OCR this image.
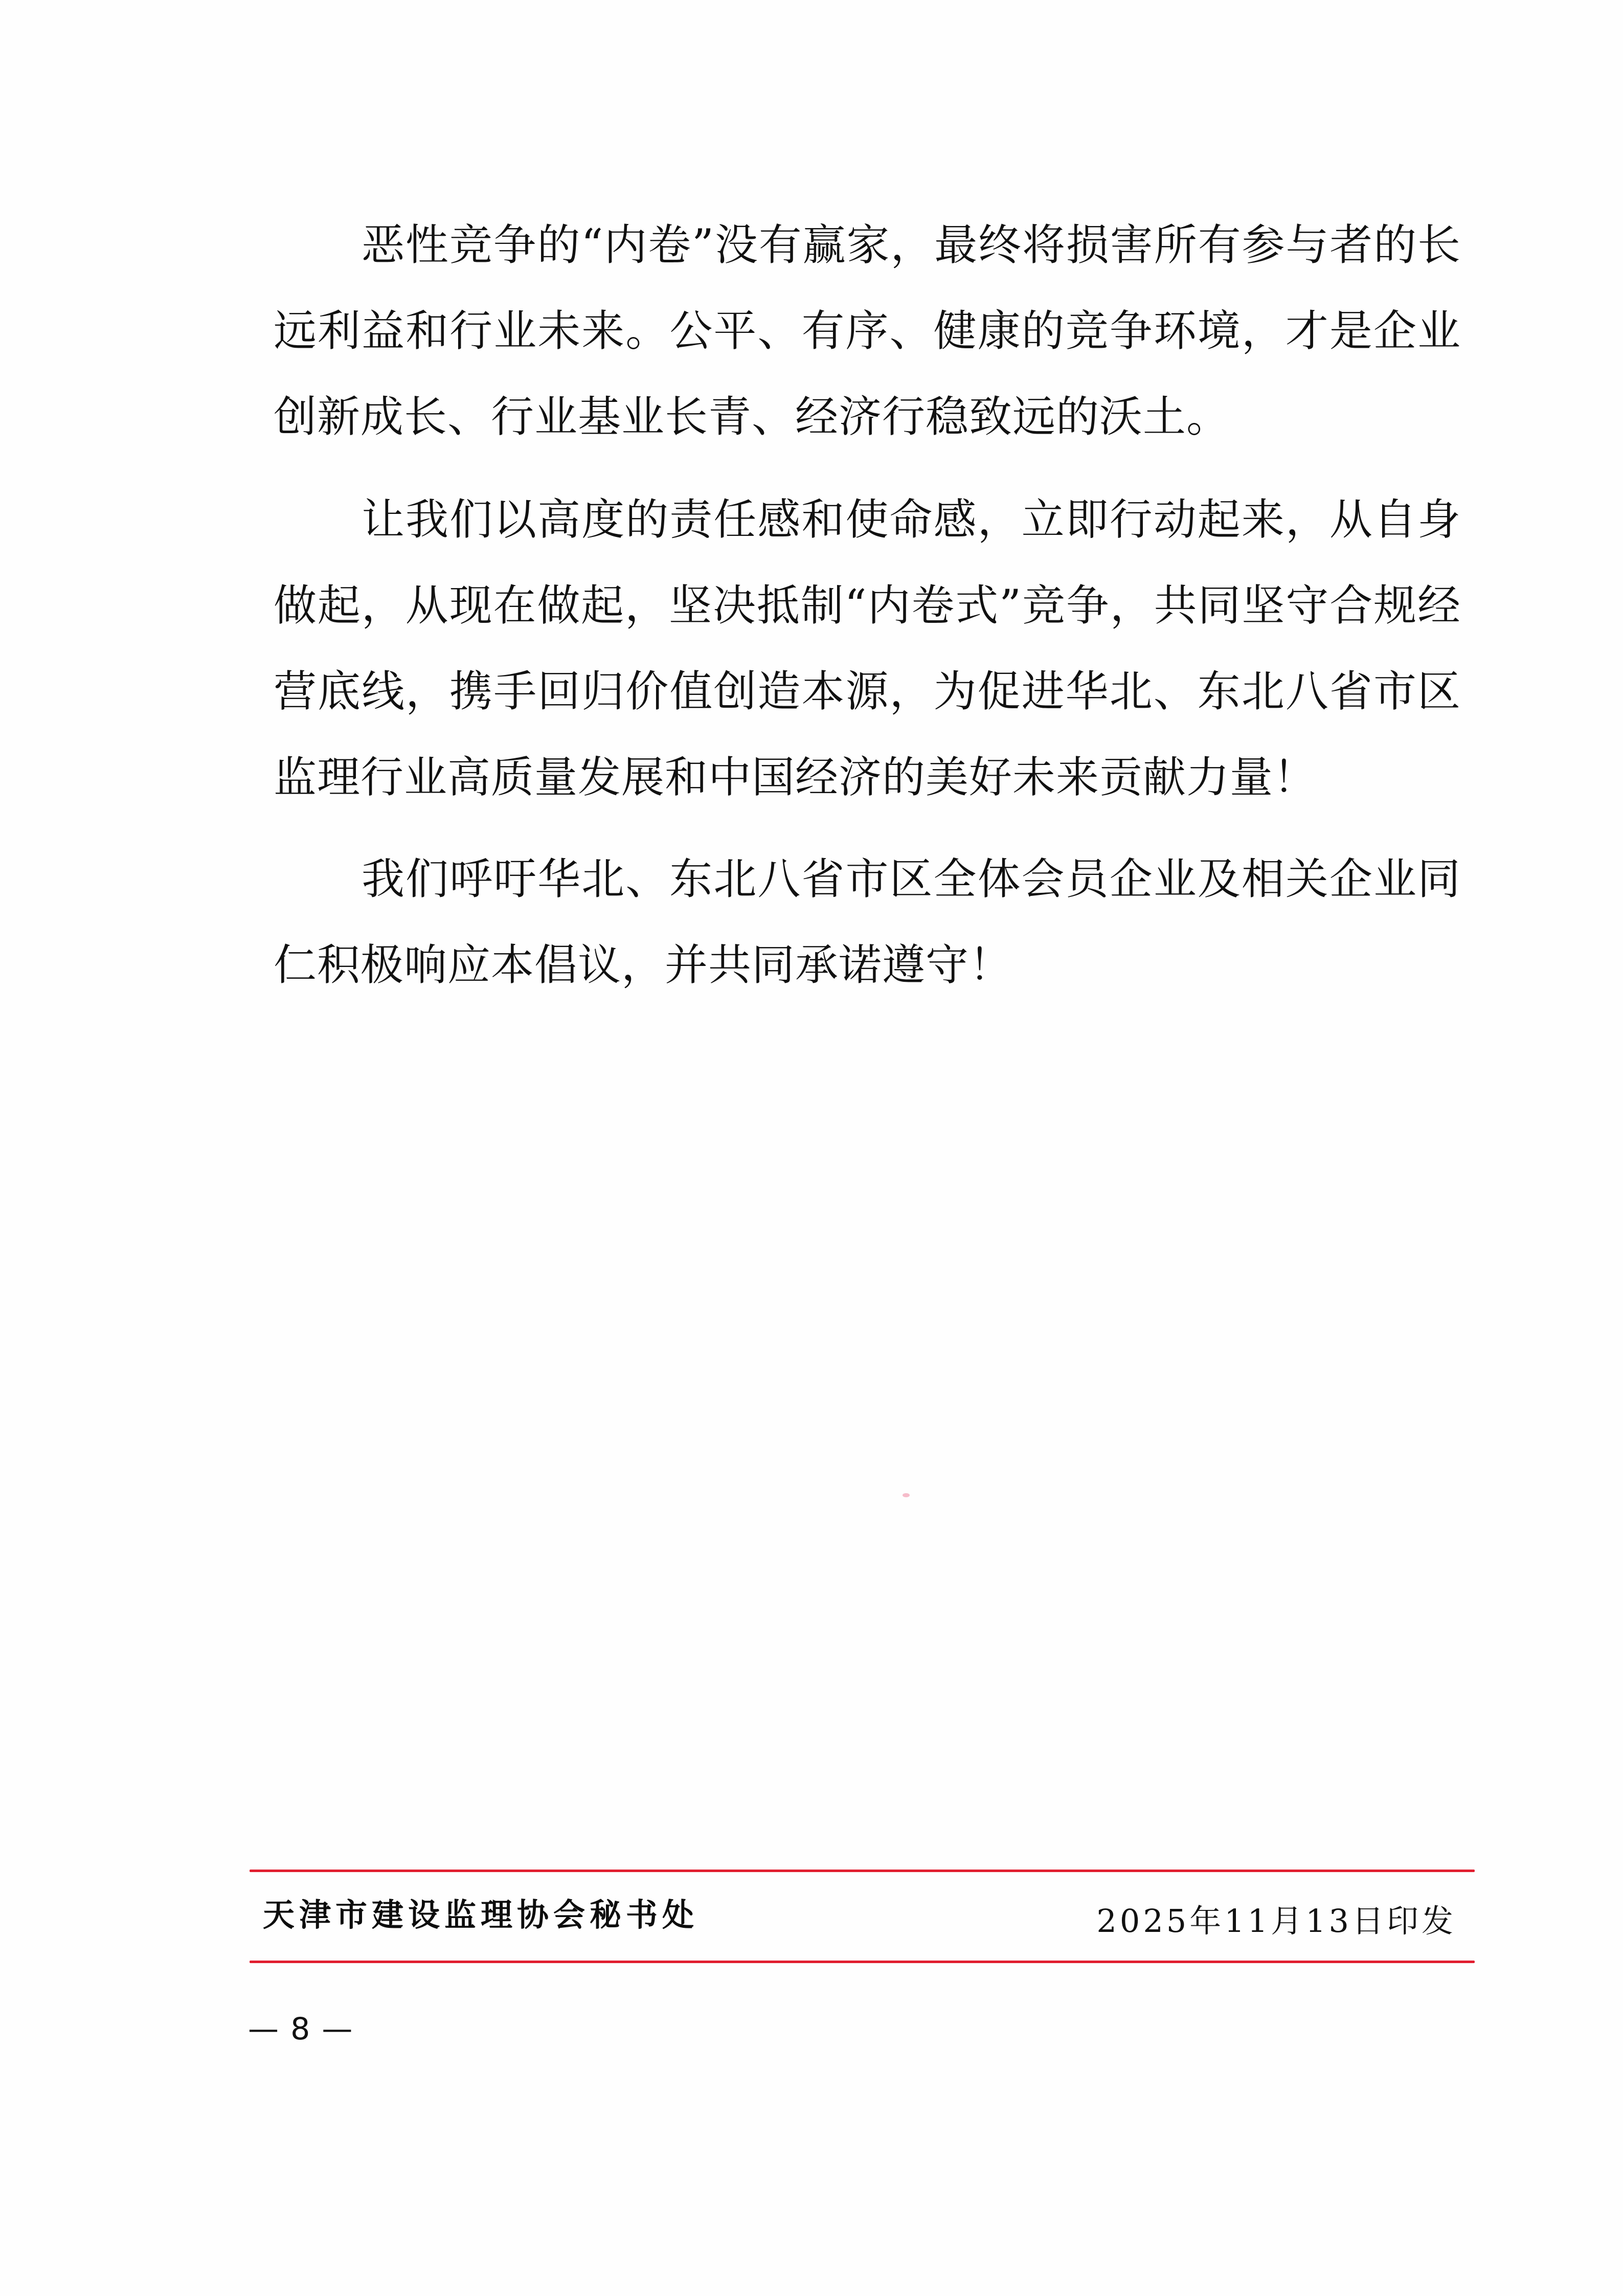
恶性竞争的“内卷”没有赢家，最终将损害所有参与者的长远利益和行业未来。公平、有序、健康的竞争环境，才是企业创新成长、行业基业长青、经济行稳致远的沃土。

让我们以高度的责任感和使命感，立即行动起来，从自身做起，从现在做起，坚决抵制“内卷式”竞争，共同坚守合规经营底线，携手回归价值创造本源，为促进华北、东北八省市区监理行业高质量发展和中国经济的美好未来贡献力量！

我们呼吁华北、东北八省市区全体会员企业及相关企业同仁积极响应本倡议，并共同承诺遵守！

天津市建设监理协会秘书处	2025年11月13日印发
— 8 —
